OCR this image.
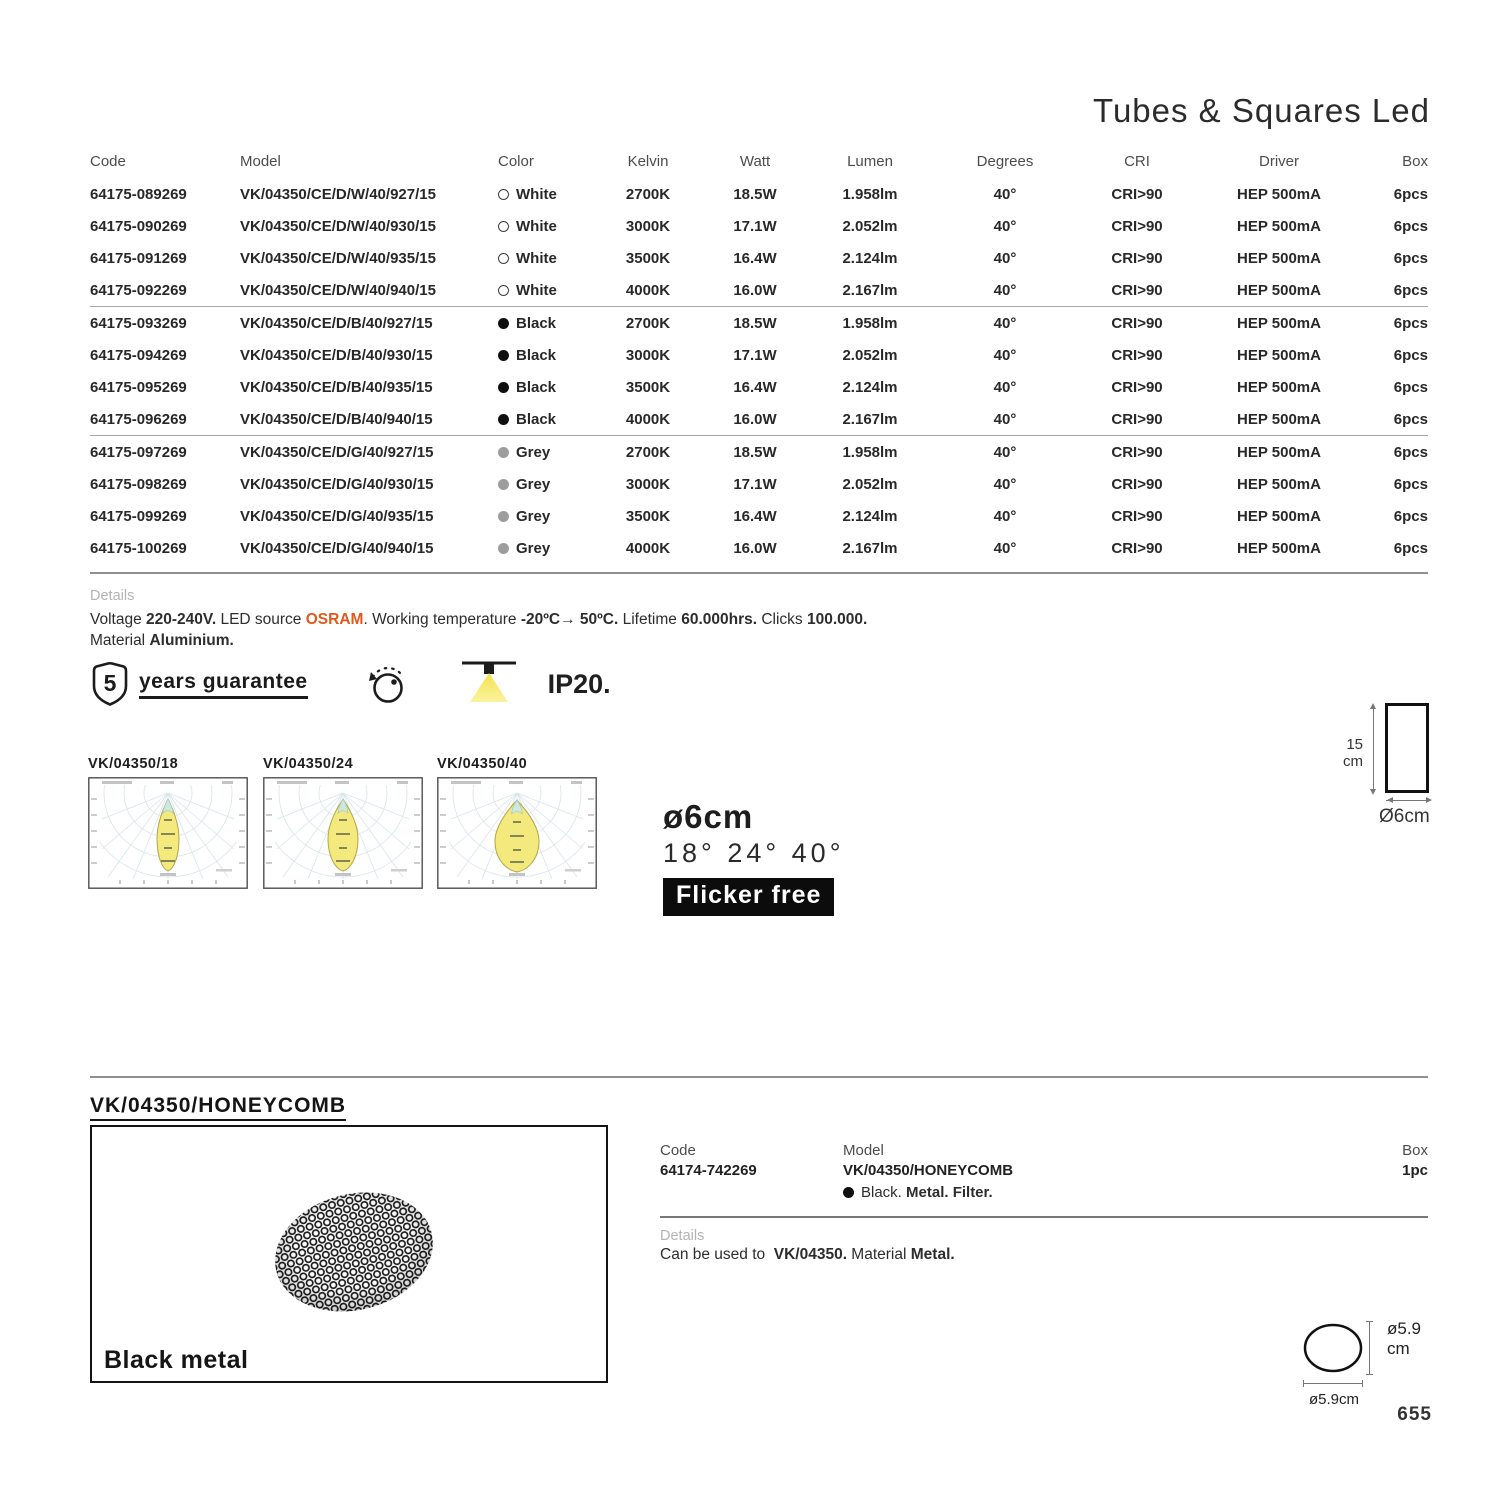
Tubes & Squares Led
Code	Model	Color	Kelvin	Watt	Lumen	Degrees	CRI	Driver	Box
64175-089269	VK/04350/CE/D/W/40/927/15	White	2700K	18.5W	1.958lm	40°	CRI>90	HEP 500mA	6pcs
64175-090269	VK/04350/CE/D/W/40/930/15	White	3000K	17.1W	2.052lm	40°	CRI>90	HEP 500mA	6pcs
64175-091269	VK/04350/CE/D/W/40/935/15	White	3500K	16.4W	2.124lm	40°	CRI>90	HEP 500mA	6pcs
64175-092269	VK/04350/CE/D/W/40/940/15	White	4000K	16.0W	2.167lm	40°	CRI>90	HEP 500mA	6pcs
64175-093269	VK/04350/CE/D/B/40/927/15	Black	2700K	18.5W	1.958lm	40°	CRI>90	HEP 500mA	6pcs
64175-094269	VK/04350/CE/D/B/40/930/15	Black	3000K	17.1W	2.052lm	40°	CRI>90	HEP 500mA	6pcs
64175-095269	VK/04350/CE/D/B/40/935/15	Black	3500K	16.4W	2.124lm	40°	CRI>90	HEP 500mA	6pcs
64175-096269	VK/04350/CE/D/B/40/940/15	Black	4000K	16.0W	2.167lm	40°	CRI>90	HEP 500mA	6pcs
64175-097269	VK/04350/CE/D/G/40/927/15	Grey	2700K	18.5W	1.958lm	40°	CRI>90	HEP 500mA	6pcs
64175-098269	VK/04350/CE/D/G/40/930/15	Grey	3000K	17.1W	2.052lm	40°	CRI>90	HEP 500mA	6pcs
64175-099269	VK/04350/CE/D/G/40/935/15	Grey	3500K	16.4W	2.124lm	40°	CRI>90	HEP 500mA	6pcs
64175-100269	VK/04350/CE/D/G/40/940/15	Grey	4000K	16.0W	2.167lm	40°	CRI>90	HEP 500mA	6pcs
Details
Voltage 220-240V. LED source OSRAM. Working temperature -20ºC→ 50ºC. Lifetime 60.000hrs. Clicks 100.000.
Material Aluminium.
5	years guarantee	IP20.
VK/04350/18	VK/04350/24	VK/04350/40
ø6cm
18° 24° 40°
Flicker free
15
cm
Ø6cm
VK/04350/HONEYCOMB
Black metal
Code
64174-742269
Model
VK/04350/HONEYCOMB
Black. Metal. Filter.
Box
1pc
Details
Can be used to  VK/04350. Material Metal.
ø5.9
cm
ø5.9cm
655
